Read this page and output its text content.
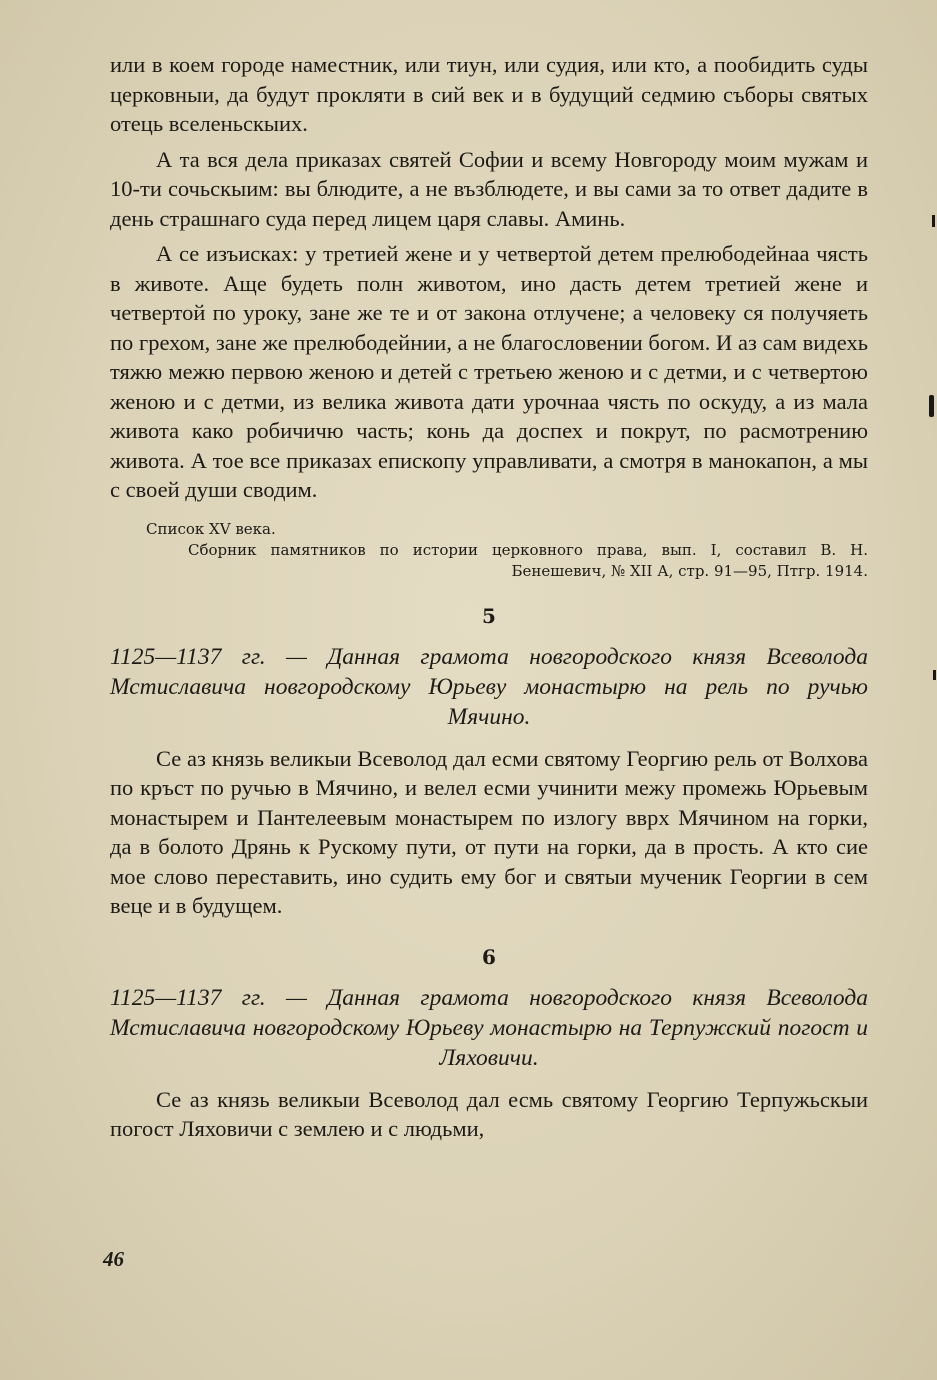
или в коем городе наместник, или тиун, или судия, или кто, а пообидить суды церковныи, да будут прокляти в сий век и в будущий седмию съборы святых отець вселеньскыих.

А та вся дела приказах святей Софии и всему Новгороду моим мужам и 10-ти сочьскыим: вы блюдите, а не възблюдете, и вы сами за то ответ дадите в день страшнаго суда перед лицем царя славы. Аминь.

А се изъисках: у третией жене и у четвертой детем прелюбодейнаа чясть в животе. Аще будеть полн животом, ино дасть детем третией жене и четвертой по уроку, зане же те и от закона отлучене; а человеку ся получяеть по грехом, зане же прелюбодейнии, а не благословении богом. И аз сам видехь тяжю межю первою женою и детей с третьею женою и с детми, и с четвертою женою и с детми, из велика живота дати урочнаа чясть по оскуду, а из мала живота како робичичю часть; конь да доспех и покрут, по расмотрению живота. А тое все приказах епископу управливати, а смотря в манокапон, а мы с своей души сводим.

Список XV века.

Сборник памятников по истории церковного права, вып. I, составил В. Н. Бенешевич, № XII А, стр. 91—95, Птгр. 1914.

5

1125—1137 гг. — Данная грамота новгородского князя Всеволода Мстиславича новгородскому Юрьеву монастырю на рель по ручью Мячино.

Се аз князь великыи Всеволод дал есми святому Георгию рель от Волхова по кръст по ручью в Мячино, и велел есми учинити межу промежь Юрьевым монастырем и Пантелеевым монастырем по излогу вврх Мячином на горки, да в болото Дрянь к Рускому пути, от пути на горки, да в прость. А кто сие мое слово переставить, ино судить ему бог и святыи мученик Георгии в сем веце и в будущем.

6

1125—1137 гг. — Данная грамота новгородского князя Всеволода Мстиславича новгородскому Юрьеву монастырю на Терпужский погост и Ляховичи.

Се аз князь великыи Всеволод дал есмь святому Георгию Терпужьскыи погост Ляховичи с землею и с людьми,

46
